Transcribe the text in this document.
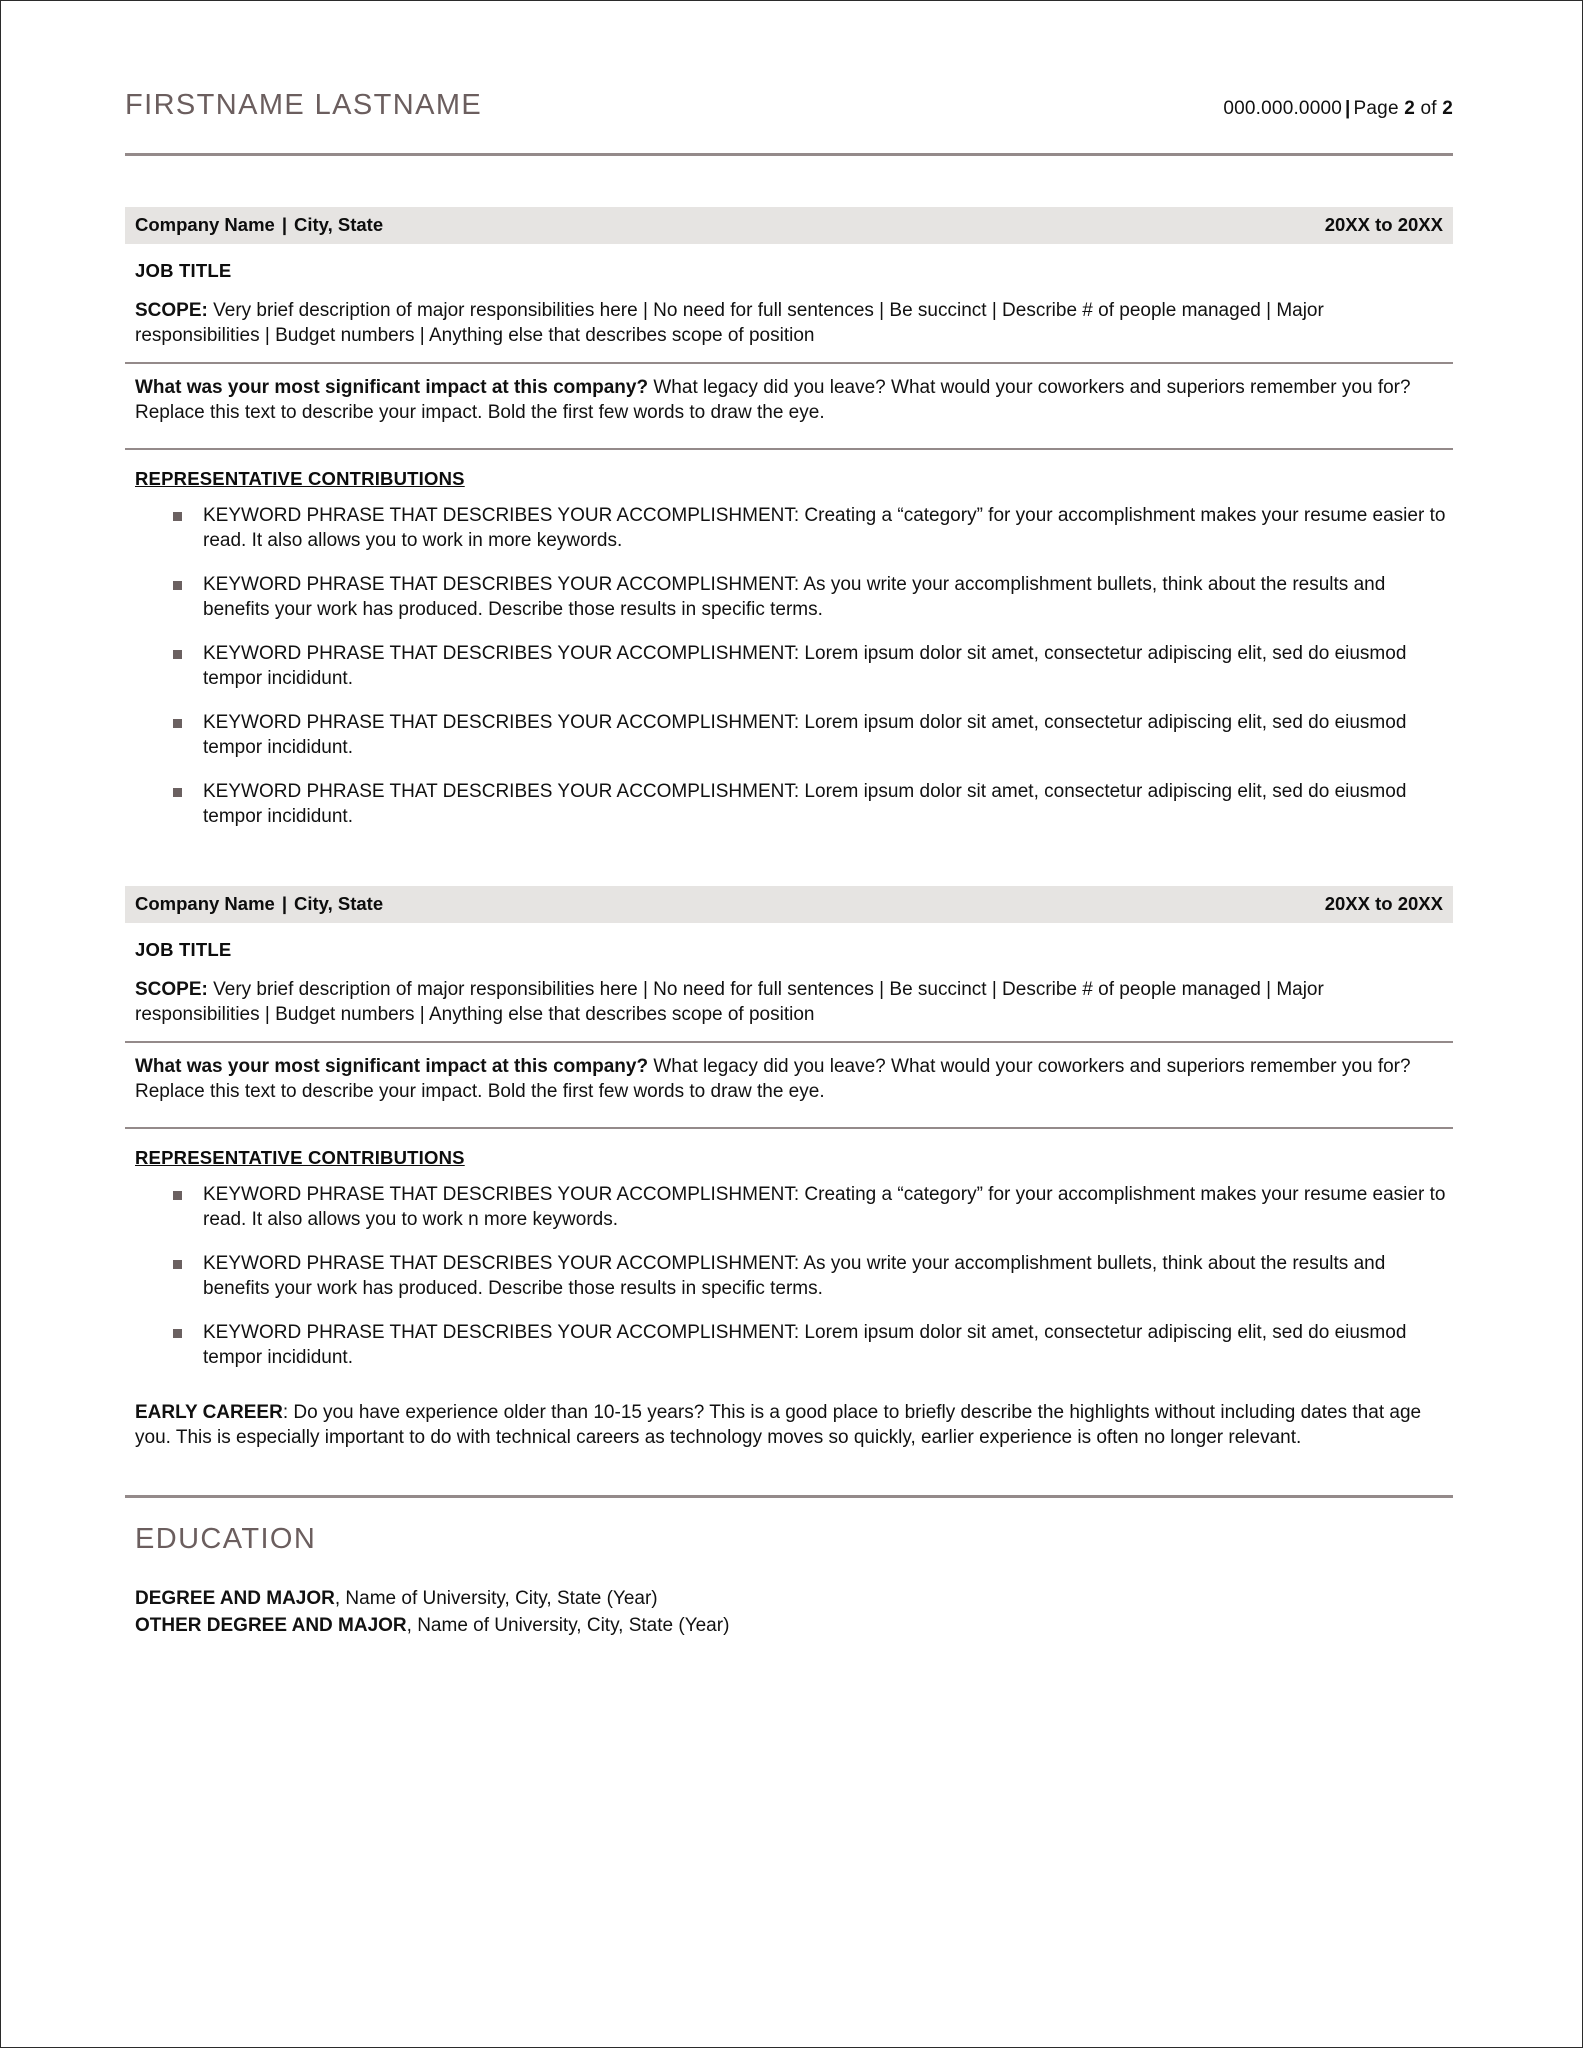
FIRSTNAME LASTNAME	000.000.0000 | Page 2 of 2
Company Name | City, State	20XX to 20XX
JOB TITLE
SCOPE: Very brief description of major responsibilities here | No need for full sentences | Be succinct | Describe # of people managed | Major responsibilities | Budget numbers | Anything else that describes scope of position
What was your most significant impact at this company? What legacy did you leave? What would your coworkers and superiors remember you for? Replace this text to describe your impact. Bold the first few words to draw the eye.
REPRESENTATIVE CONTRIBUTIONS
KEYWORD PHRASE THAT DESCRIBES YOUR ACCOMPLISHMENT: Creating a “category” for your accomplishment makes your resume easier to read. It also allows you to work in more keywords.
KEYWORD PHRASE THAT DESCRIBES YOUR ACCOMPLISHMENT: As you write your accomplishment bullets, think about the results and benefits your work has produced. Describe those results in specific terms.
KEYWORD PHRASE THAT DESCRIBES YOUR ACCOMPLISHMENT: Lorem ipsum dolor sit amet, consectetur adipiscing elit, sed do eiusmod tempor incididunt.
KEYWORD PHRASE THAT DESCRIBES YOUR ACCOMPLISHMENT: Lorem ipsum dolor sit amet, consectetur adipiscing elit, sed do eiusmod tempor incididunt.
KEYWORD PHRASE THAT DESCRIBES YOUR ACCOMPLISHMENT: Lorem ipsum dolor sit amet, consectetur adipiscing elit, sed do eiusmod tempor incididunt.
Company Name | City, State	20XX to 20XX
JOB TITLE
SCOPE: Very brief description of major responsibilities here | No need for full sentences | Be succinct | Describe # of people managed | Major responsibilities | Budget numbers | Anything else that describes scope of position
What was your most significant impact at this company? What legacy did you leave? What would your coworkers and superiors remember you for? Replace this text to describe your impact. Bold the first few words to draw the eye.
REPRESENTATIVE CONTRIBUTIONS
KEYWORD PHRASE THAT DESCRIBES YOUR ACCOMPLISHMENT: Creating a “category” for your accomplishment makes your resume easier to read. It also allows you to work n more keywords.
KEYWORD PHRASE THAT DESCRIBES YOUR ACCOMPLISHMENT: As you write your accomplishment bullets, think about the results and benefits your work has produced. Describe those results in specific terms.
KEYWORD PHRASE THAT DESCRIBES YOUR ACCOMPLISHMENT: Lorem ipsum dolor sit amet, consectetur adipiscing elit, sed do eiusmod tempor incididunt.
EARLY CAREER: Do you have experience older than 10-15 years? This is a good place to briefly describe the highlights without including dates that age you. This is especially important to do with technical careers as technology moves so quickly, earlier experience is often no longer relevant.
EDUCATION
DEGREE AND MAJOR, Name of University, City, State (Year)
OTHER DEGREE AND MAJOR, Name of University, City, State (Year)
